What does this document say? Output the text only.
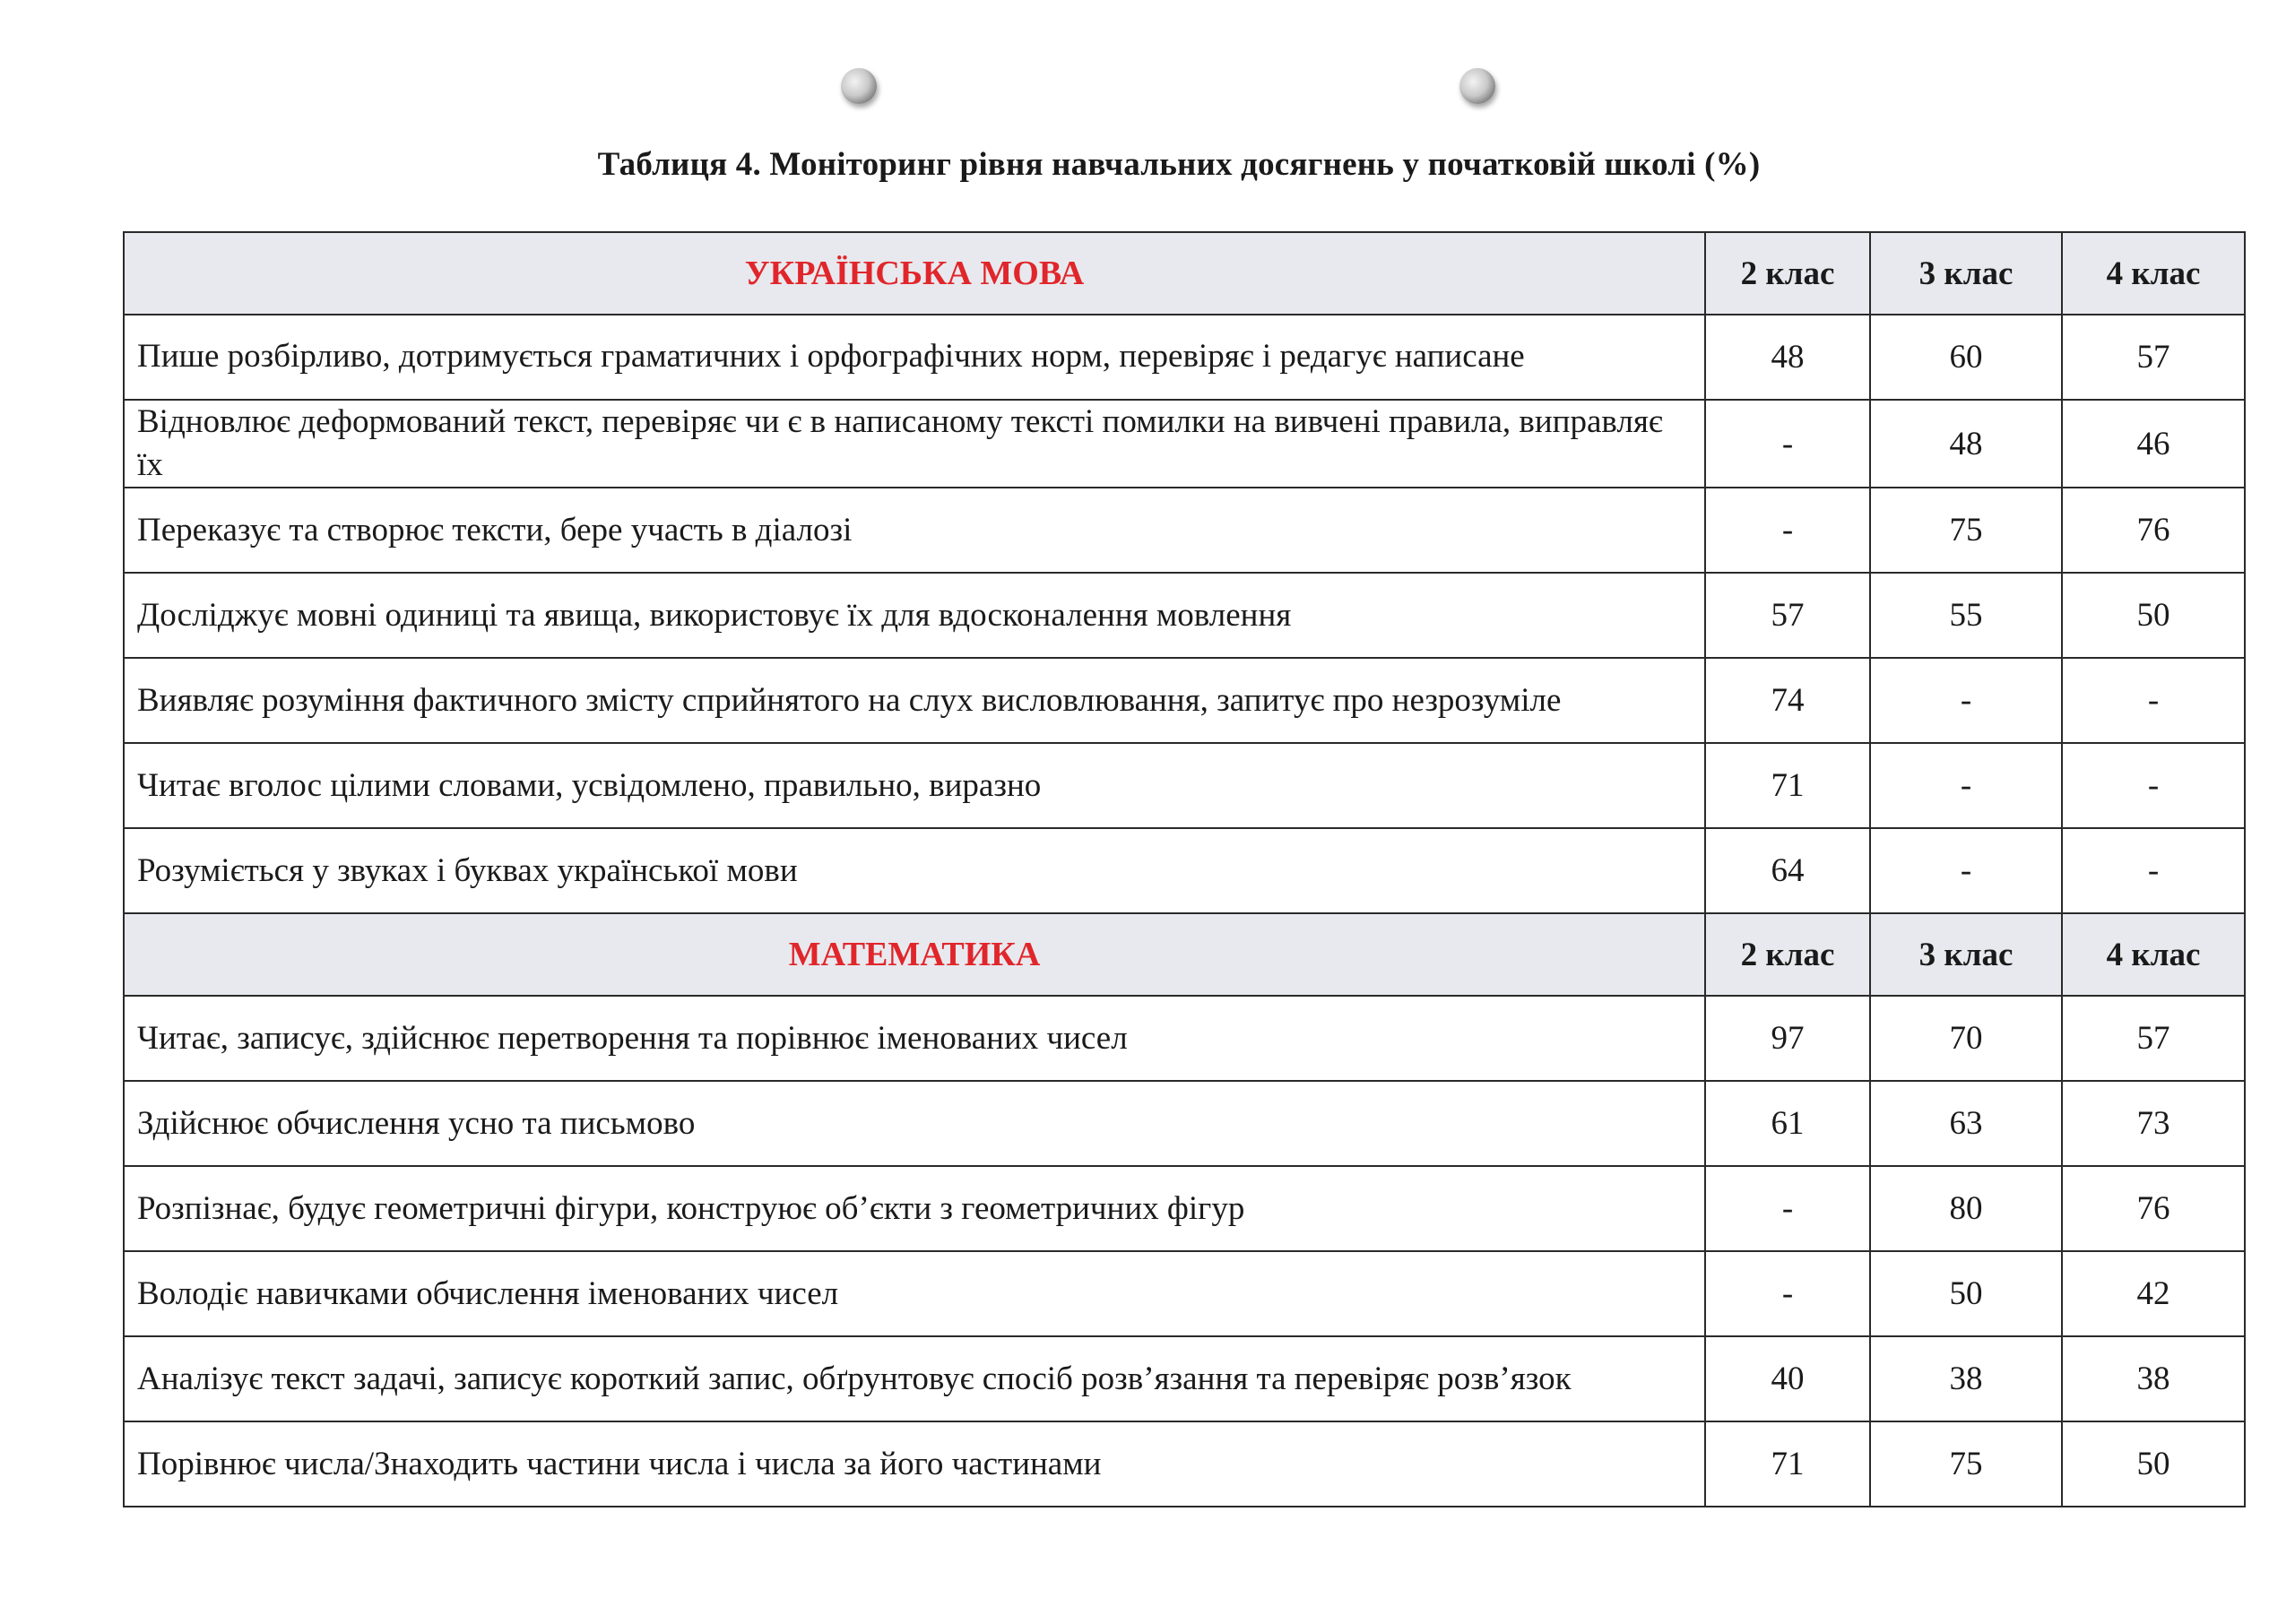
Таблиця 4. Моніторинг рівня навчальних досягнень у початковій школі (%)
УКРАЇНСЬКА МОВА	2 клас	3 клас	4 клас
Пише розбірливо, дотримується граматичних і орфографічних норм, перевіряє і редагує написане	48	60	57
Відновлює деформований текст, перевіряє чи є в написаному тексті помилки на вивчені правила, виправляє їх	-	48	46
Переказує та створює тексти, бере участь в діалозі	-	75	76
Досліджує мовні одиниці та явища, використовує їх для вдосконалення мовлення	57	55	50
Виявляє розуміння фактичного змісту сприйнятого на слух висловлювання, запитує про незрозуміле	74	-	-
Читає вголос цілими словами, усвідомлено, правильно, виразно	71	-	-
Розуміється у звуках і буквах української мови	64	-	-
МАТЕМАТИКА	2 клас	3 клас	4 клас
Читає, записує, здійснює перетворення та порівнює іменованих чисел	97	70	57
Здійснює обчислення усно та письмово	61	63	73
Розпізнає, будує геометричні фігури, конструює об’єкти з геометричних фігур	-	80	76
Володіє навичками обчислення іменованих чисел	-	50	42
Аналізує текст задачі, записує короткий запис, обґрунтовує спосіб розв’язання та перевіряє розв’язок	40	38	38
Порівнює числа/Знаходить частини числа і числа за його частинами	71	75	50
